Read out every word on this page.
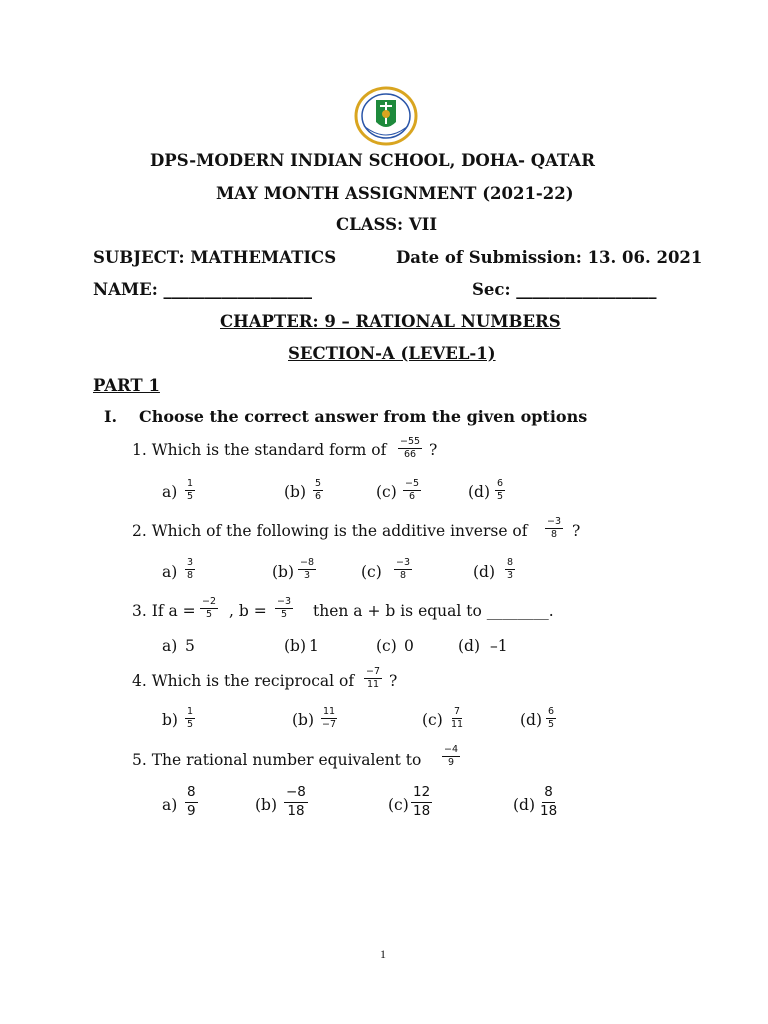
DPS-MODERN INDIAN SCHOOL, DOHA- QATAR
MAY MONTH ASSIGNMENT (2021-22)
CLASS: VII
SUBJECT: MATHEMATICS	Date of Submission: 13. 06. 2021
NAME: __________________	Sec: _________________
CHAPTER: 9 – RATIONAL NUMBERS
SECTION-A (LEVEL-1)
PART 1
I. Choose the correct answer from the given options
1. Which is the standard form of $\frac{-55}{66}$ ?
$a) \frac{1}{5}$	$(b) \frac{5}{6}$	$(c) \frac{-5}{6}$	$(d) \frac{6}{5}$
2. Which of the following is the additive inverse of $\frac{-3}{8}$ ?
$a) \frac{3}{8}$	$(b) \frac{-8}{3}$	$(c) \frac{-3}{8}$	$(d) \frac{8}{3}$
3. If $a = \frac{-2}{5}$ , $b = \frac{-3}{5}$ then a + b is equal to ________.
a) 5	(b) 1	(c) 0	(d) –1
4. Which is the reciprocal of $\frac{-7}{11}$ ?
$b) \frac{1}{5}$	$(b) \frac{11}{-7}$	$(c) \frac{7}{11}$	$(d) \frac{6}{5}$
5. The rational number equivalent to $\frac{-4}{9}$
$a) \frac{8}{9}$	$(b) \frac{-8}{18}$	$(c) \frac{12}{18}$	$(d) \frac{8}{18}$
1
